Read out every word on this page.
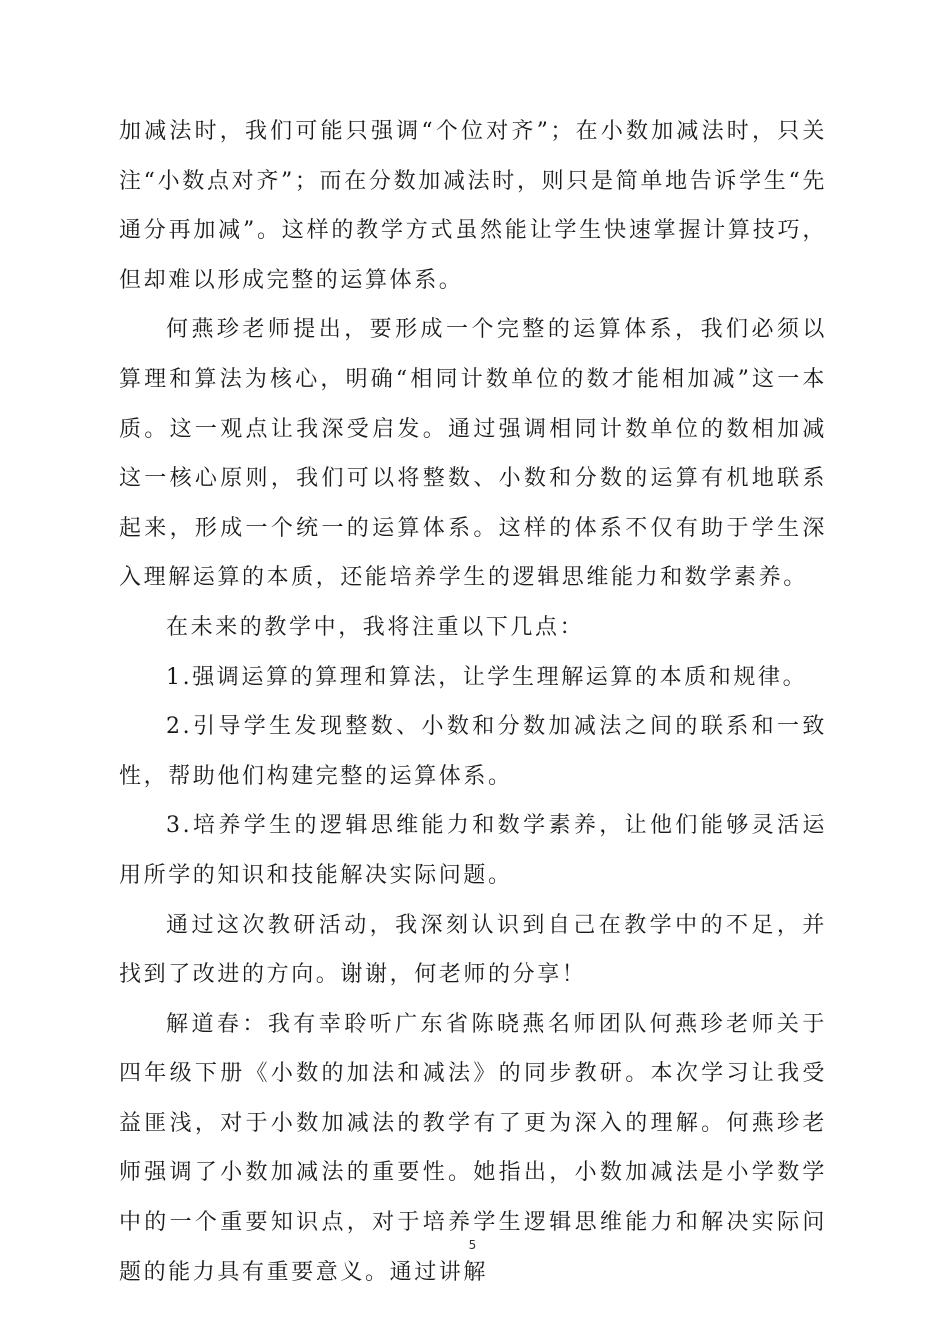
加减法时，我们可能只强调“个位对齐”；在小数加减法时，只关注“小数点对齐”；而在分数加减法时，则只是简单地告诉学生“先通分再加减”。这样的教学方式虽然能让学生快速掌握计算技巧，但却难以形成完整的运算体系。

何燕珍老师提出，要形成一个完整的运算体系，我们必须以算理和算法为核心，明确“相同计数单位的数才能相加减”这一本质。这一观点让我深受启发。通过强调相同计数单位的数相加减这一核心原则，我们可以将整数、小数和分数的运算有机地联系起来，形成一个统一的运算体系。这样的体系不仅有助于学生深入理解运算的本质，还能培养学生的逻辑思维能力和数学素养。

在未来的教学中，我将注重以下几点：

1.强调运算的算理和算法，让学生理解运算的本质和规律。

2.引导学生发现整数、小数和分数加减法之间的联系和一致性，帮助他们构建完整的运算体系。

3.培养学生的逻辑思维能力和数学素养，让他们能够灵活运用所学的知识和技能解决实际问题。

通过这次教研活动，我深刻认识到自己在教学中的不足，并找到了改进的方向。谢谢，何老师的分享！

解道春：我有幸聆听广东省陈晓燕名师团队何燕珍老师关于四年级下册《小数的加法和减法》的同步教研。本次学习让我受益匪浅，对于小数加减法的教学有了更为深入的理解。何燕珍老师强调了小数加减法的重要性。她指出，小数加减法是小学数学中的一个重要知识点，对于培养学生逻辑思维能力和解决实际问题的能力具有重要意义。通过讲解

5
